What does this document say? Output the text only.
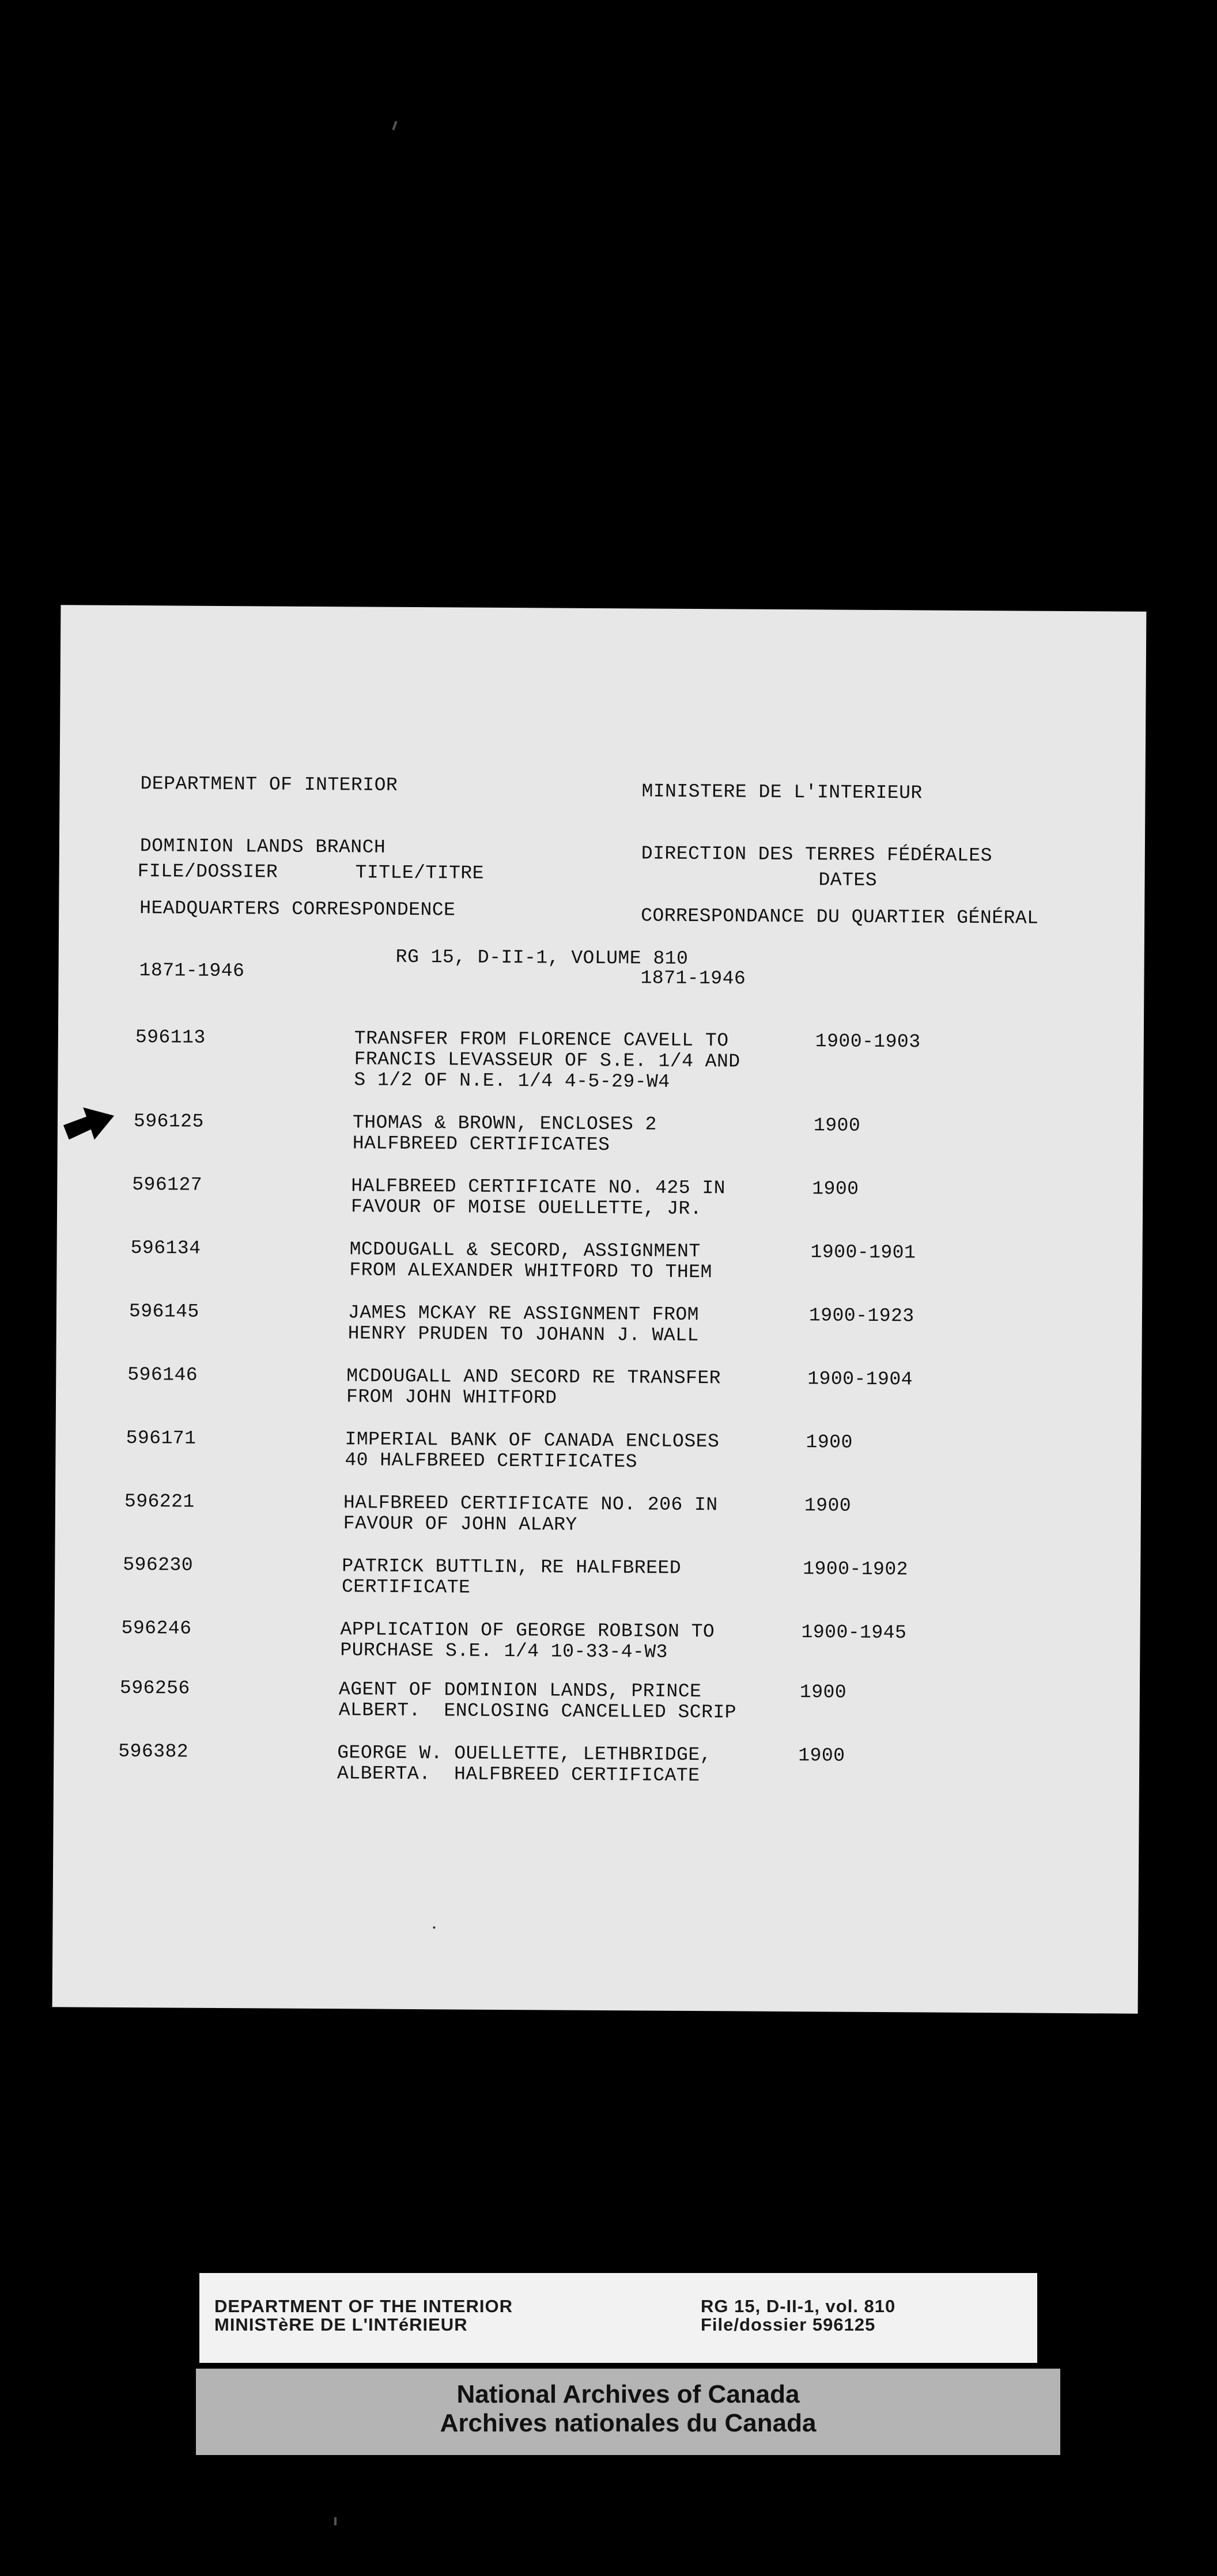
DEPARTMENT OF INTERIOR

DOMINION LANDS BRANCH

HEADQUARTERS CORRESPONDENCE

1871-1946

MINISTERE DE L'INTERIEUR

DIRECTION DES TERRES FÉDÉRALES

CORRESPONDANCE DU QUARTIER GÉNÉRAL

1871-1946

FILE/DOSSIER	TITLE/TITRE	DATES
RG 15, D-II-1, VOLUME 810
596113	TRANSFER FROM FLORENCE CAVELL TO
FRANCIS LEVASSEUR OF S.E. 1/4 AND
S 1/2 OF N.E. 1/4 4-5-29-W4
1900-1903
596125	THOMAS & BROWN, ENCLOSES 2
HALFBREED CERTIFICATES
1900
596127	HALFBREED CERTIFICATE NO. 425 IN
FAVOUR OF MOISE OUELLETTE, JR.
1900
596134	MCDOUGALL & SECORD, ASSIGNMENT
FROM ALEXANDER WHITFORD TO THEM
1900-1901
596145	JAMES MCKAY RE ASSIGNMENT FROM
HENRY PRUDEN TO JOHANN J. WALL
1900-1923
596146	MCDOUGALL AND SECORD RE TRANSFER
FROM JOHN WHITFORD
1900-1904
596171	IMPERIAL BANK OF CANADA ENCLOSES
40 HALFBREED CERTIFICATES
1900
596221	HALFBREED CERTIFICATE NO. 206 IN
FAVOUR OF JOHN ALARY
1900
596230	PATRICK BUTTLIN, RE HALFBREED
CERTIFICATE
1900-1902
596246	APPLICATION OF GEORGE ROBISON TO
PURCHASE S.E. 1/4 10-33-4-W3
1900-1945
596256	AGENT OF DOMINION LANDS, PRINCE
ALBERT.  ENCLOSING CANCELLED SCRIP
1900
596382	GEORGE W. OUELLETTE, LETHBRIDGE,
ALBERTA.  HALFBREED CERTIFICATE
1900
DEPARTMENT OF THE INTERIOR
MINISTèRE DE L'INTéRIEUR
RG 15, D-II-1, vol. 810
File/dossier 596125
National Archives of Canada
Archives nationales du Canada
